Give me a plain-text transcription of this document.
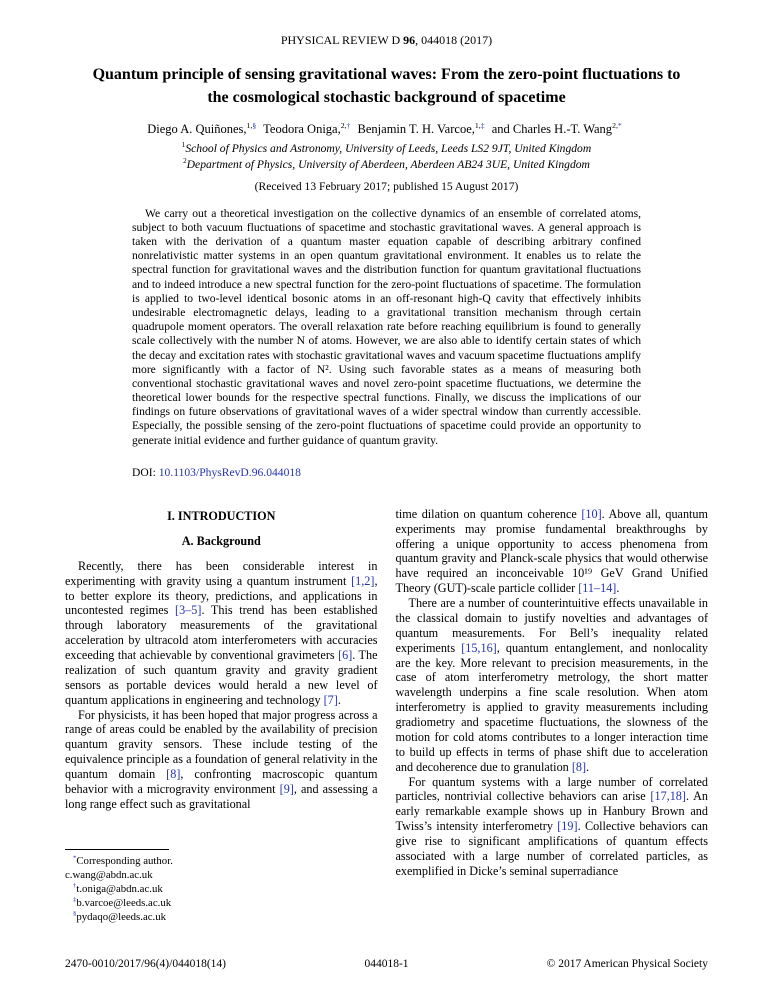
PHYSICAL REVIEW D 96, 044018 (2017)
Quantum principle of sensing gravitational waves: From the zero-point fluctuations to the cosmological stochastic background of spacetime
Diego A. Quiñones,$^{1,\S}$ Teodora Oniga,$^{2,\dagger}$ Benjamin T. H. Varcoe,$^{1,\ddagger}$ and Charles H.-T. Wang$^{2,*}$
$^1$School of Physics and Astronomy, University of Leeds, Leeds LS2 9JT, United Kingdom
$^2$Department of Physics, University of Aberdeen, Aberdeen AB24 3UE, United Kingdom
(Received 13 February 2017; published 15 August 2017)
We carry out a theoretical investigation on the collective dynamics of an ensemble of correlated atoms, subject to both vacuum fluctuations of spacetime and stochastic gravitational waves. A general approach is taken with the derivation of a quantum master equation capable of describing arbitrary confined nonrelativistic matter systems in an open quantum gravitational environment. It enables us to relate the spectral function for gravitational waves and the distribution function for quantum gravitational fluctuations and to indeed introduce a new spectral function for the zero-point fluctuations of spacetime. The formulation is applied to two-level identical bosonic atoms in an off-resonant high-Q cavity that effectively inhibits undesirable electromagnetic delays, leading to a gravitational transition mechanism through certain quadrupole moment operators. The overall relaxation rate before reaching equilibrium is found to generally scale collectively with the number N of atoms. However, we are also able to identify certain states of which the decay and excitation rates with stochastic gravitational waves and vacuum spacetime fluctuations amplify more significantly with a factor of N². Using such favorable states as a means of measuring both conventional stochastic gravitational waves and novel zero-point spacetime fluctuations, we determine the theoretical lower bounds for the respective spectral functions. Finally, we discuss the implications of our findings on future observations of gravitational waves of a wider spectral window than currently accessible. Especially, the possible sensing of the zero-point fluctuations of spacetime could provide an opportunity to generate initial evidence and further guidance of quantum gravity.
DOI: 10.1103/PhysRevD.96.044018
I. INTRODUCTION
A. Background

Recently, there has been considerable interest in experimenting with gravity using a quantum instrument [1,2], to better explore its theory, predictions, and applications in uncontested regimes [3–5]. This trend has been established through laboratory measurements of the gravitational acceleration by ultracold atom interferometers with accuracies exceeding that achievable by conventional gravimeters [6]. The realization of such quantum gravity and gravity gradient sensors as portable devices would herald a new level of quantum applications in engineering and technology [7].

For physicists, it has been hoped that major progress across a range of areas could be enabled by the availability of precision quantum gravity sensors. These include testing of the equivalence principle as a foundation of general relativity in the quantum domain [8], confronting macroscopic quantum behavior with a microgravity environment [9], and assessing a long range effect such as gravitational

time dilation on quantum coherence [10]. Above all, quantum experiments may promise fundamental breakthroughs by offering a unique opportunity to access phenomena from quantum gravity and Planck-scale physics that would otherwise have required an inconceivable 10¹⁹ GeV Grand Unified Theory (GUT)-scale particle collider [11–14].

There are a number of counterintuitive effects unavailable in the classical domain to justify novelties and advantages of quantum measurements. For Bell’s inequality related experiments [15,16], quantum entanglement, and nonlocality are the key. More relevant to precision measurements, in the case of atom interferometry metrology, the short matter wavelength underpins a fine scale resolution. When atom interferometry is applied to gravity measurements including gradiometry and spacetime fluctuations, the slowness of the motion for cold atoms contributes to a longer interaction time to build up effects in terms of phase shift due to acceleration and decoherence due to granulation [8].

For quantum systems with a large number of correlated particles, nontrivial collective behaviors can arise [17,18]. An early remarkable example shows up in Hanbury Brown and Twiss’s intensity interferometry [19]. Collective behaviors can give rise to significant amplifications of quantum effects associated with a large number of correlated particles, as exemplified in Dicke’s seminal superradiance

*Corresponding author.
c.wang@abdn.ac.uk
†t.oniga@abdn.ac.uk
‡b.varcoe@leeds.ac.uk
§pydaqo@leeds.ac.uk
2470-0010/2017/96(4)/044018(14)	044018-1	© 2017 American Physical Society
